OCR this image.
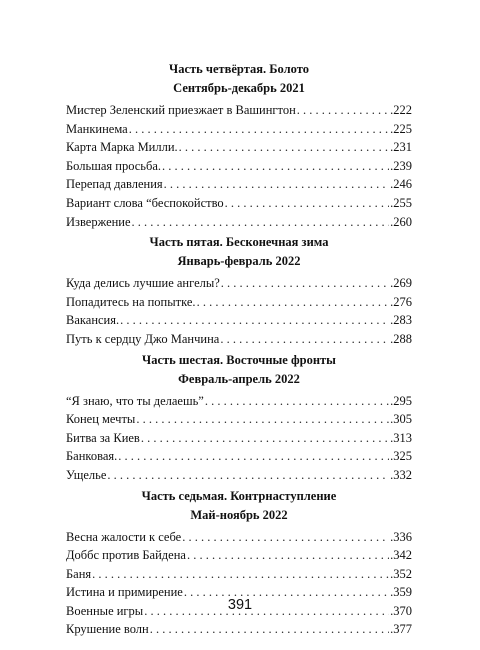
Часть четвёртая. Болото
Сентябрь-декабрь 2021
Мистер Зеленский приезжает в Вашингтон . . .	.222
Манкинема . . .	.225
Карта Марка Милли. . . .	.231
Большая просьба. . . .	.239
Перепад давления . . .	.246
Вариант слова “беспокойство . . .	.255
Извержение . . .	.260
Часть пятая. Бесконечная зима
Январь-февраль 2022
Куда делись лучшие ангелы? . . .	.269
Попадитесь на попытке. . . .	.276
Вакансия. . . .	.283
Путь к сердцу Джо Манчина . . .	.288
Часть шестая. Восточные фронты
Февраль-апрель 2022
“Я знаю, что ты делаешь” . . .	.295
Конец мечты . . .	.305
Битва за Киев . . .	.313
Банковая. . . .	.325
Ущелье . . .	.332
Часть седьмая. Контрнаступление
Май-ноябрь 2022
Весна жалости к себе . . .	.336
Доббс против Байдена . . .	.342
Баня . . .	.352
Истина и примирение . . .	.359
Военные игры . . .	.370
Крушение волн . . .	.377
391
